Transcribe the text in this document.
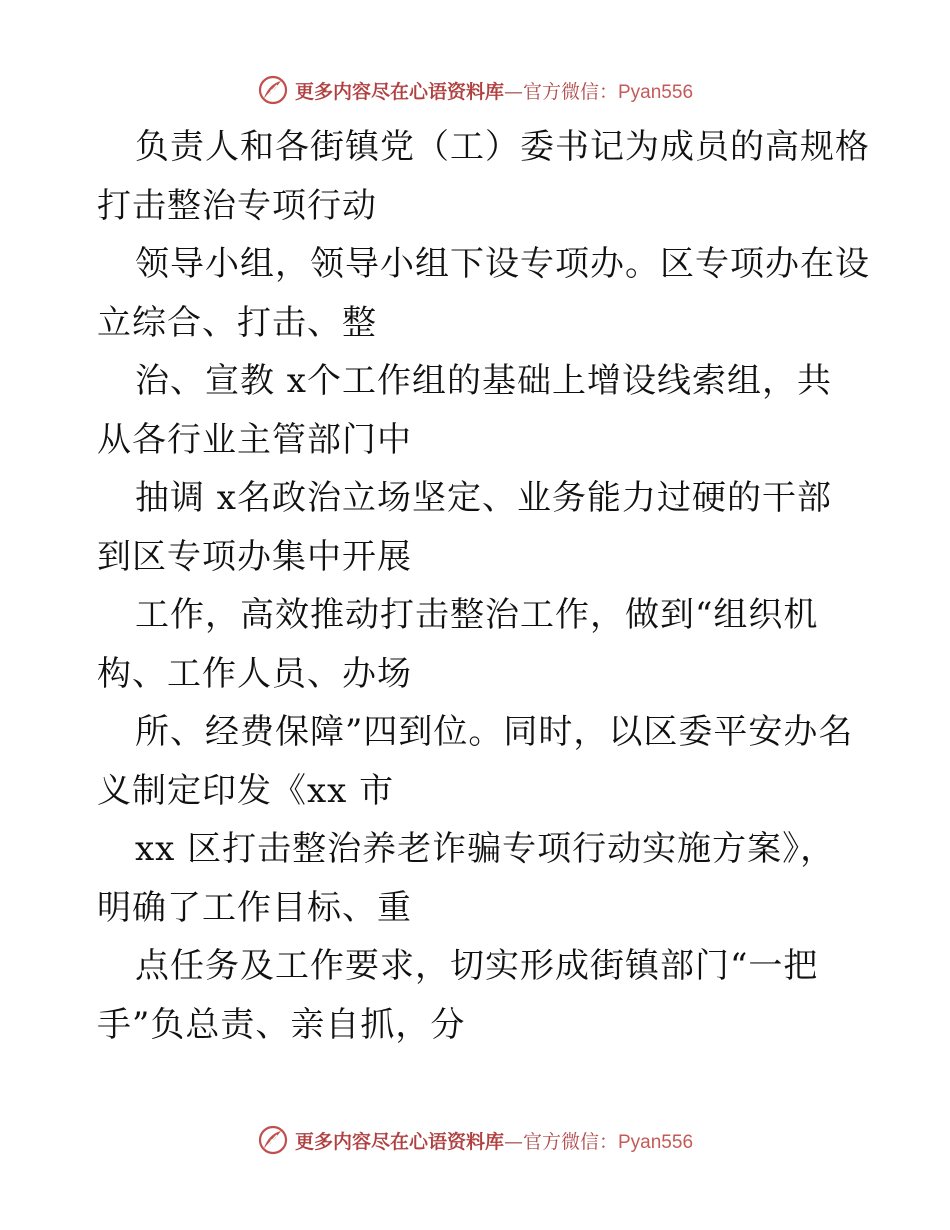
更多内容尽在心语资料库—官方微信：Pyan556
负责人和各街镇党（工）委书记为成员的高规格
打击整治专项行动
领导小组，领导小组下设专项办。区专项办在设
立综合、打击、整
治、宣教 x个工作组的基础上增设线索组，共
从各行业主管部门中
抽调 x名政治立场坚定、业务能力过硬的干部
到区专项办集中开展
工作，高效推动打击整治工作，做到“组织机
构、工作人员、办场
所、经费保障”四到位。同时，以区委平安办名
义制定印发《xx 市
xx 区打击整治养老诈骗专项行动实施方案》，
明确了工作目标、重
点任务及工作要求，切实形成街镇部门“一把
手”负总责、亲自抓，分
更多内容尽在心语资料库—官方微信：Pyan556
